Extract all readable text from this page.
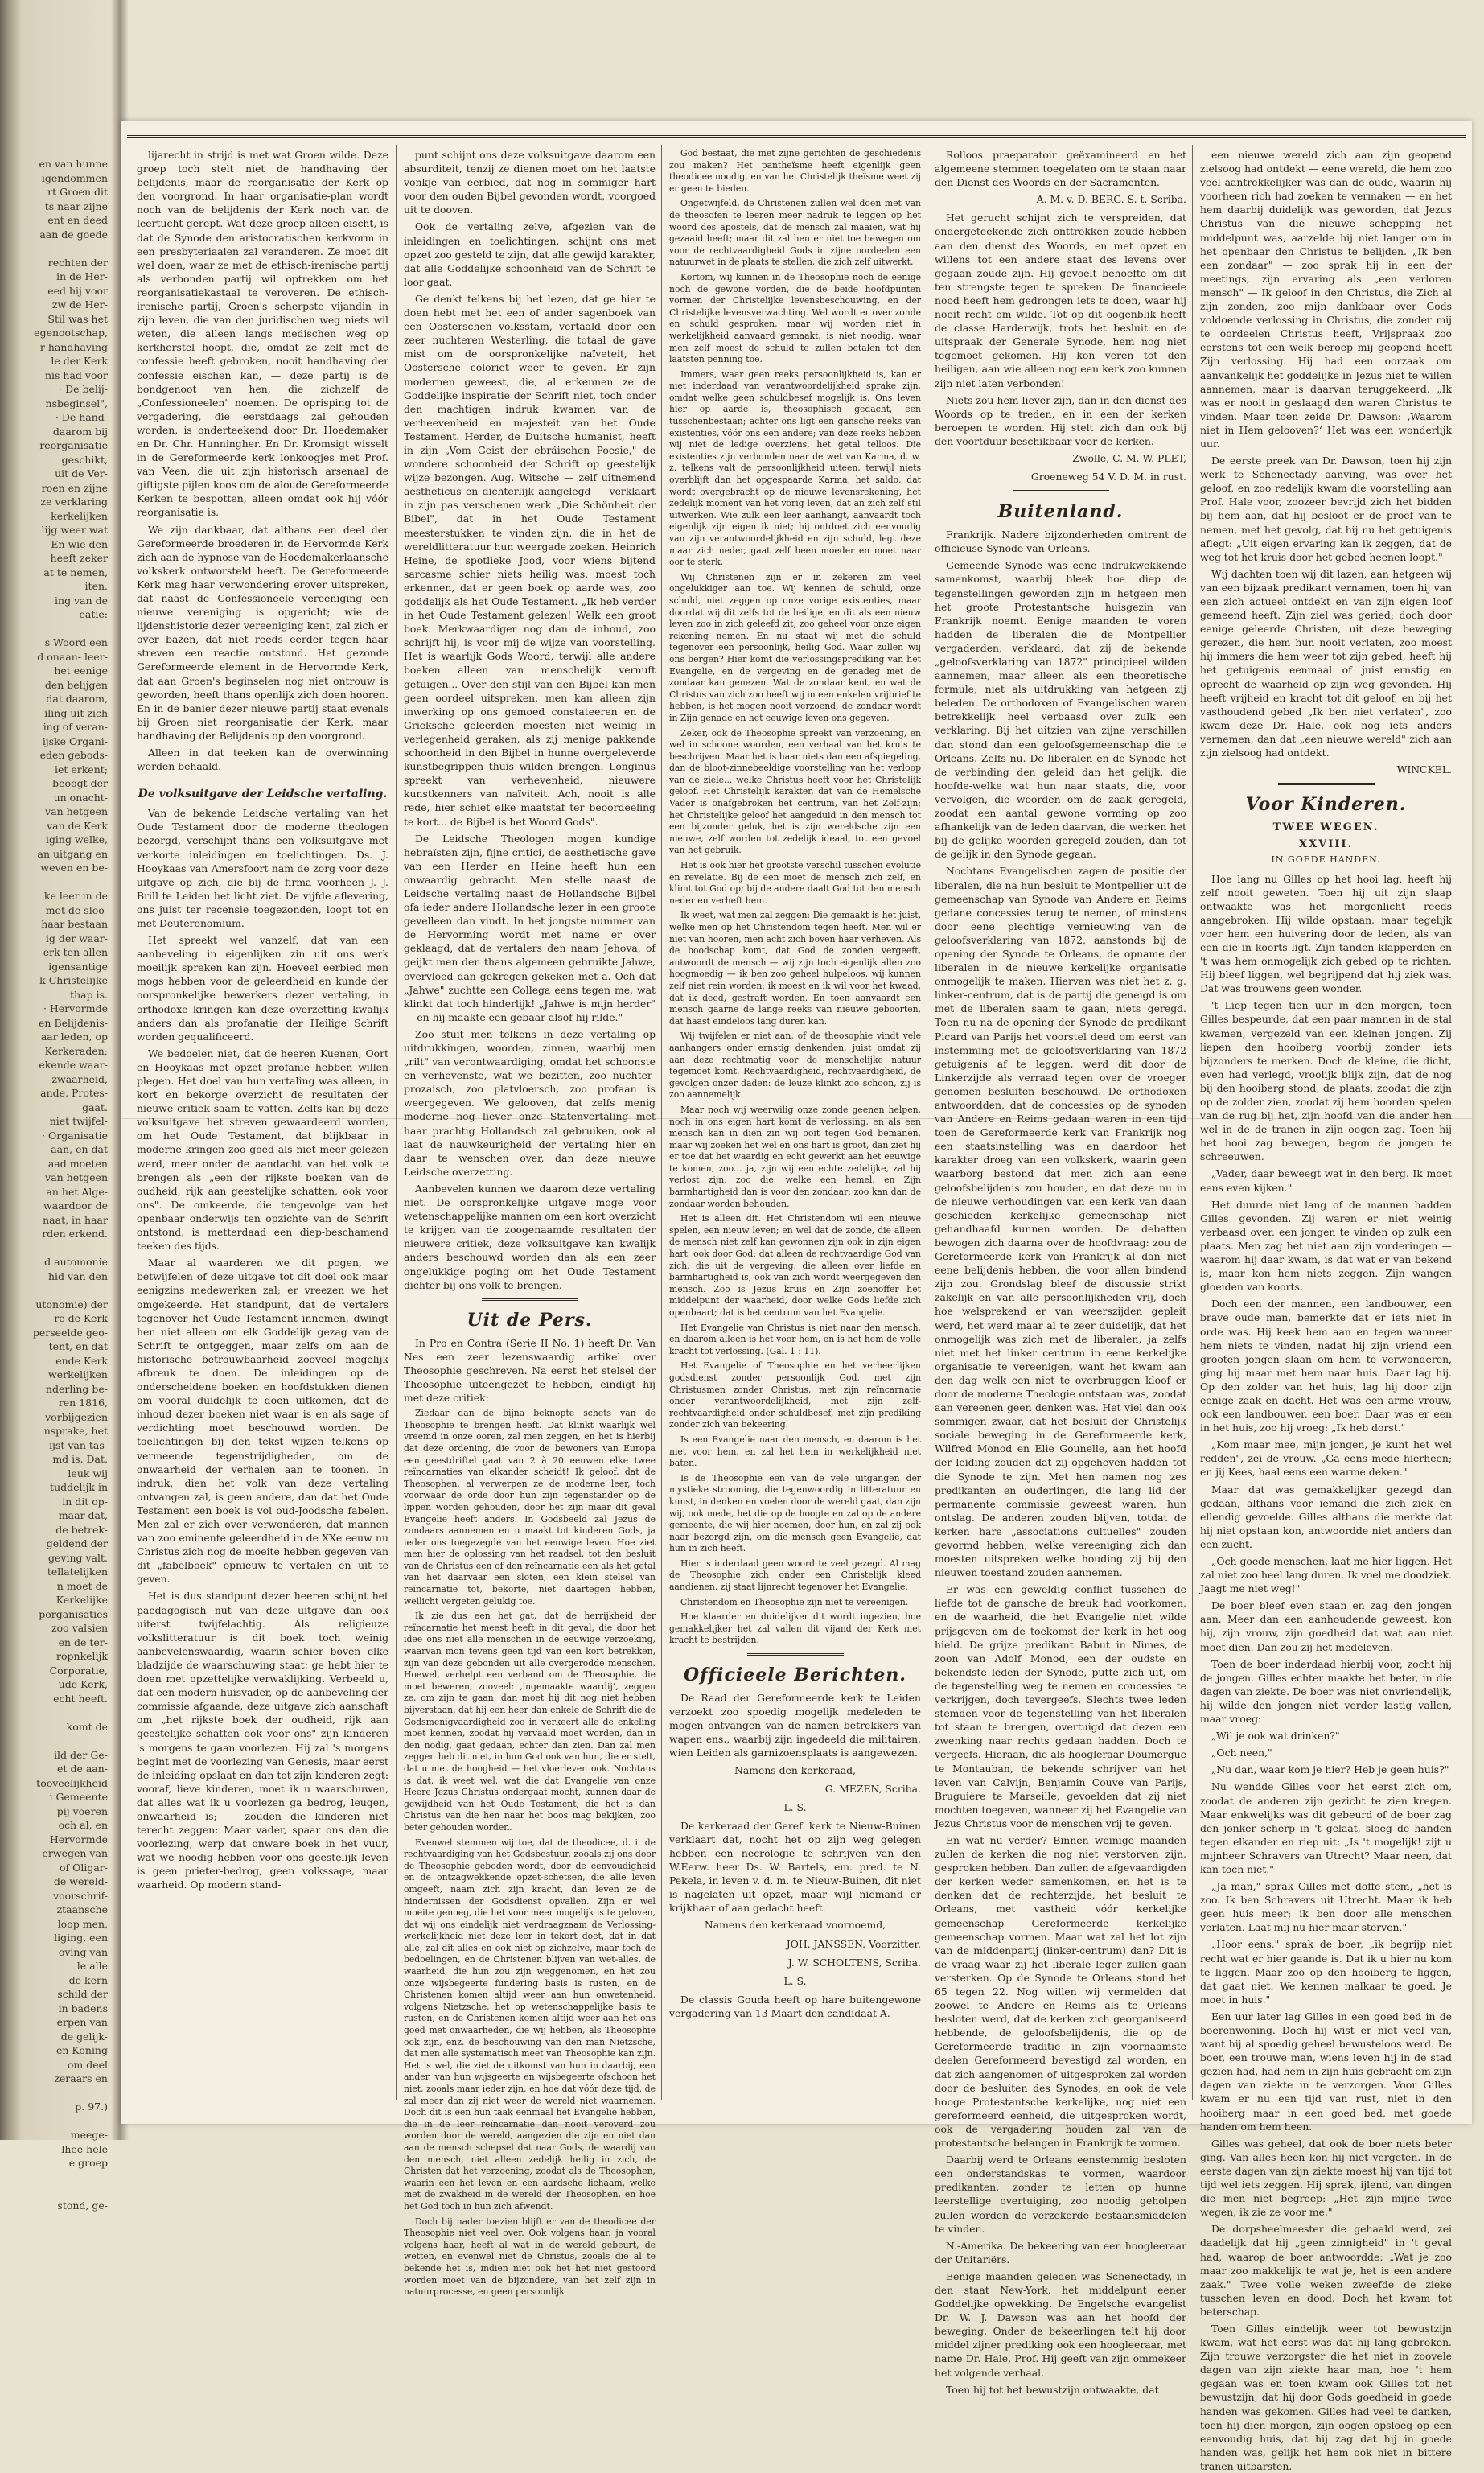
en van hunne
igendommen
rt Groen dit
ts naar zijne
ent en deed
aan de goede

rechten der
in de Her-
eed hij voor
zw de Her-
Stil was het
egenootschap,
r handhaving
le der Kerk
nis had voor
· De belij-
nsbeginsel",
· De hand-
daarom bij
reorganisatie
geschikt,
uit de Ver-
roen en zijne
ze verklaring
kerkelijken
lijg weer wat
En wie den
heeft zeker
at te nemen,
iten.
ing van de
eatie:

s Woord een
d onaan- leer-
het eenige
den belijgen
dat daarom,
iling uit zich
ing of veran-
ijske Organi-
eden gebods-
iet erkent;
beoogt der
un onacht-
van hetgeen
van de Kerk
iging welke,
an uitgang en
weven en be-

ke leer in de
met de sloo-
haar bestaan
ig der waar-
erk ten allen
igensantige
k Christelijke
thap is.
· Hervormde
en Belijdenis-
aar leden, op
Kerkeraden;
ekende waar-
zwaarheid,
ande, Protes-
gaat.
niet twijfel-
· Organisatie
aan, en dat
aad moeten
van hetgeen
an het Alge-
waardoor de
naat, in haar
rden erkend.

d automonie
hid van den

utonomie) der
re de Kerk
perseelde geo-
tent, en dat
ende Kerk
werkelijken
nderling be-
ren 1816,
vorbijgezien
nsprake, het
ijst van tas-
md is. Dat,
leuk wij
tuddelijk in
in dit op-
maar dat,
de betrek-
geldend der
geving valt.
tellatelijken
n moet de
Kerkelijke
porganisaties
zoo valsien
en de ter-
ropnkelijk
Corporatie,
ude Kerk,
echt heeft.

komt de

ild der Ge-
et de aan-
tooveelijkheid
i Gemeente
pij voeren
och al, en
Hervormde
erwegen van
of Oligar-
de wereld-
voorschrif-
ztaansche
loop men,
liging, een
oving van
le alle
de kern
schild der
in badens
erpen van
de gelijk-
en Koning
om deel
zeraars en

p. 97.)

meege-
lhee hele
e groep

stond, ge-

lijarecht in strijd is met wat Groen wilde. Deze groep toch stelt niet de handhaving der belijdenis, maar de reorganisatie der Kerk op den voorgrond. In haar organisatie-plan wordt noch van de belijdenis der Kerk noch van de leertucht gerept. Wat deze groep alleen eischt, is dat de Synode den aristocratischen kerkvorm in een presbyteriaalen zal veranderen. Ze moet dit wel doen, waar ze met de ethisch-irenische partij als verbonden partij wil optrekken om het reorganisatiekastaal te veroveren. De ethisch-irenische partij, Groen's scherpste vijandin in zijn leven, die van den juridischen weg niets wil weten, die alleen langs medischen weg op kerkherstel hoopt, die, omdat ze zelf met de confessie heeft gebroken, nooit handhaving der confessie eischen kan, — deze partij is de bondgenoot van hen, die zichzelf de „Confessioneelen" noemen. De oprisping tot de vergadering, die eerstdaags zal gehouden worden, is onderteekend door Dr. Hoedemaker en Dr. Chr. Hunningher. En Dr. Kromsigt wisselt in de Gereformeerde kerk lonkoogjes met Prof. van Veen, die uit zijn historisch arsenaal de giftigste pijlen koos om de aloude Gereformeerde Kerken te bespotten, alleen omdat ook hij vóór reorganisatie is.

We zijn dankbaar, dat althans een deel der Gereformeerde broederen in de Hervormde Kerk zich aan de hypnose van de Hoedemakerlaansche volkskerk ontworsteld heeft. De Gereformeerde Kerk mag haar verwondering erover uitspreken, dat naast de Confessioneele vereeniging een nieuwe vereniging is opgericht; wie de lijdenshistorie dezer vereeniging kent, zal zich er over bazen, dat niet reeds eerder tegen haar streven een reactie ontstond. Het gezonde Gereformeerde element in de Hervormde Kerk, dat aan Groen's beginselen nog niet ontrouw is geworden, heeft thans openlijk zich doen hooren. En in de banier dezer nieuwe partij staat evenals bij Groen niet reorganisatie der Kerk, maar handhaving der Belijdenis op den voorgrond.

Alleen in dat teeken kan de overwinning worden behaald.

De volksuitgave der Leidsche vertaling.

Van de bekende Leidsche vertaling van het Oude Testament door de moderne theologen bezorgd, verschijnt thans een volksuitgave met verkorte inleidingen en toelichtingen. Ds. J. Hooykaas van Amersfoort nam de zorg voor deze uitgave op zich, die bij de firma voorheen J. J. Brill te Leiden het licht ziet. De vijfde aflevering, ons juist ter recensie toegezonden, loopt tot en met Deuteronomium.

Het spreekt wel vanzelf, dat van een aanbeveling in eigenlijken zin uit ons werk moeilijk spreken kan zijn. Hoeveel eerbied men mogs hebben voor de geleerdheid en kunde der oorspronkelijke bewerkers dezer vertaling, in orthodoxe kringen kan deze overzetting kwalijk anders dan als profanatie der Heilige Schrift worden gequalificeerd.

We bedoelen niet, dat de heeren Kuenen, Oort en Hooykaas met opzet profanie hebben willen plegen. Het doel van hun vertaling was alleen, in kort en bekorge overzicht de resultaten der nieuwe critiek saam te vatten. Zelfs kan bij deze volksuitgave het streven gewaardeerd worden, om het Oude Testament, dat blijkbaar in moderne kringen zoo goed als niet meer gelezen werd, meer onder de aandacht van het volk te brengen als „een der rijkste boeken van de oudheid, rijk aan geestelijke schatten, ook voor ons". De omkeerde, die tengevolge van het openbaar onderwijs ten opzichte van de Schrift ontstond, is metterdaad een diep-beschamend teeken des tijds.

Maar al waarderen we dit pogen, we betwijfelen of deze uitgave tot dit doel ook maar eenigzins medewerken zal; er vreezen we het omgekeerde. Het standpunt, dat de vertalers tegenover het Oude Testament innemen, dwingt hen niet alleen om elk Goddelijk gezag van de Schrift te ontgeggen, maar zelfs om aan de historische betrouwbaarheid zooveel mogelijk afbreuk te doen. De inleidingen op de onderscheidene boeken en hoofdstukken dienen om vooral duidelijk te doen uitkomen, dat de inhoud dezer boeken niet waar is en als sage of verdichting moet beschouwd worden. De toelichtingen bij den tekst wijzen telkens op vermeende tegenstrijdigheden, om de onwaarheid der verhalen aan te toonen. In indruk, dien het volk van deze vertaling ontvangen zal, is geen andere, dan dat het Oude Testament een boek is vol oud-Joodsche fabelen. Men zal er zich over verwonderen, dat mannen van zoo eminente geleerdheid in de XXe eeuw nu Christus zich nog de moeite hebben gegeven van dit „fabelboek" opnieuw te vertalen en uit te geven.

Het is dus standpunt dezer heeren schijnt het paedagogisch nut van deze uitgave dan ook uiterst twijfelachtig. Als religieuze volkslitteratuur is dit boek toch weinig aanbevelenswaardig, waarin schier boven elke bladzijde de waarschuwing staat: ge hebt hier te doen met opzettelijke verwaklijking. Verbeeld u, dat een modern huisvader, op de aanbeveling der commissie afgaande, deze uitgave zich aanschaft om „het rijkste boek der oudheid, rijk aan geestelijke schatten ook voor ons" zijn kinderen 's morgens te gaan voorlezen. Hij zal 's morgens begint met de voorlezing van Genesis, maar eerst de inleiding opslaat en dan tot zijn kinderen zegt: vooraf, lieve kinderen, moet ik u waarschuwen, dat alles wat ik u voorlezen ga bedrog, leugen, onwaarheid is; — zouden die kinderen niet terecht zeggen: Maar vader, spaar ons dan die voorlezing, werp dat onware boek in het vuur, wat we noodig hebben voor ons geestelijk leven is geen prieter-bedrog, geen volkssage, maar waarheid. Op modern stand-

punt schijnt ons deze volksuitgave daarom een absurditeit, tenzij ze dienen moet om het laatste vonkje van eerbied, dat nog in sommiger hart voor den ouden Bijbel gevonden wordt, voorgoed uit te dooven.

Ook de vertaling zelve, afgezien van de inleidingen en toelichtingen, schijnt ons met opzet zoo gesteld te zijn, dat alle gewijd karakter, dat alle Goddelijke schoonheid van de Schrift te loor gaat.

Ge denkt telkens bij het lezen, dat ge hier te doen hebt met het een of ander sagenboek van een Oosterschen volksstam, vertaald door een zeer nuchteren Westerling, die totaal de gave mist om de oorspronkelijke naïveteit, het Oostersche coloriet weer te geven. Er zijn modernen geweest, die, al erkennen ze de Goddelijke inspiratie der Schrift niet, toch onder den machtigen indruk kwamen van de verheevenheid en majesteit van het Oude Testament. Herder, de Duitsche humanist, heeft in zijn „Vom Geist der ebräischen Poesie," de wondere schoonheid der Schrift op geestelijk wijze bezongen. Aug. Witsche — zelf uitnemend aestheticus en dichterlijk aangelegd — verklaart in zijn pas verschenen werk „Die Schönheit der Bibel", dat in het Oude Testament meesterstukken te vinden zijn, die in het de wereldlitteratuur hun weergade zoeken. Heinrich Heine, de spotlieke Jood, voor wiens bijtend sarcasme schier niets heilig was, moest toch erkennen, dat er geen boek op aarde was, zoo goddelijk als het Oude Testament. „Ik heb verder in het Oude Testament gelezen! Welk een groot boek. Merkwaardiger nog dan de inhoud, zoo schrijft hij, is voor mij de wijze van voorstelling. Het is waarlijk Gods Woord, terwijl alle andere boeken alleen van menschelijk vernuft getuigen... Over den stijl van den Bijbel kan men geen oordeel uitspreken, men kan alleen zijn inwerking op ons gemoed constateeren en de Grieksche geleerden moesten niet weinig in verlegenheid geraken, als zij menige pakkende schoonheid in den Bijbel in hunne overgeleverde kunstbegrippen thuis wilden brengen. Longinus spreekt van verhevenheid, nieuwere kunstkenners van naïviteit. Ach, nooit is alle rede, hier schiet elke maatstaf ter beoordeeling te kort... de Bijbel is het Woord Gods".

De Leidsche Theologen mogen kundige hebraïsten zijn, fijne critici, de aesthetische gave van een Herder en Heine heeft hun een onwaardig gebracht. Men stelle naast de Leidsche vertaling naast de Hollandsche Bijbel ofa ieder andere Hollandsche lezer in een groote gevelleen dan vindt. In het jongste nummer van de Hervorming wordt met name er over geklaagd, dat de vertalers den naam Jehova, of geijkt men den thans algemeen gebruikte Jahwe, overvloed dan gekregen gekeken met a. Och dat „Jahwe" zuchtte een Collega eens tegen me, wat klinkt dat toch hinderlijk! „Jahwe is mijn herder" — en hij maakte een gebaar alsof hij rilde."

Zoo stuit men telkens in deze vertaling op uitdrukkingen, woorden, zinnen, waarbij men „rilt" van verontwaardiging, omdat het schoonste en verhevenste, wat we bezitten, zoo nuchter-prozaisch, zoo platvloersch, zoo profaan is weergegeven. We gelooven, dat zelfs menig moderne nog liever onze Statenvertaling met haar prachtig Hollandsch zal gebruiken, ook al laat de nauwkeurigheid der vertaling hier en daar te wenschen over, dan deze nieuwe Leidsche overzetting.

Aanbevelen kunnen we daarom deze vertaling niet. De oorspronkelijke uitgave moge voor wetenschappelijke mannen om een kort overzicht te krijgen van de zoogenaamde resultaten der nieuwere critiek, deze volksuitgave kan kwalijk anders beschouwd worden dan als een zeer ongelukkige poging om het Oude Testament dichter bij ons volk te brengen.

Uit de Pers.

In Pro en Contra (Serie II No. 1) heeft Dr. Van Nes een zeer lezenswaardig artikel over Theosophie geschreven. Na eerst het stelsel der Theosophie uiteengezet te hebben, eindigt hij met deze critiek:

Ziedaar dan de bijna beknopte schets van de Theosophie te brengen heeft. Dat klinkt waarlijk wel vreemd in onze ooren, zal men zeggen, en het is hierbij dat deze ordening, die voor de bewoners van Europa een geestdriftel gaat van 2 à 20 eeuwen elke twee reïncarnaties van elkander scheidt! Ik geloof, dat de Theosophen, al verwerpen ze de moderne leer, toch voorwaar de orde door hun zijn tegenstander op de lippen worden gehouden, door het zijn maar dit geval Evangelie heeft anders. In Godsbeeld zal Jezus de zondaars aannemen en u maakt tot kinderen Gods, ja ieder ons toegezegde van het eeuwige leven. Hoe ziet men hier de oplossing van het raadsel, tot den besluit van de Christus een of den reïncarnatie een als het getal van het daarvaar een sloten, een klein stelsel van reïncarnatie tot, bekorte, niet daartegen hebben, wellicht vergeten gelukig toe.

Ik zie dus een het gat, dat de herrijkheid der reïncarnatie het meest heeft in dit geval, die door het idee ons niet alle menschen in de eeuwige verzoeking, waarvan mon tevens geen tijd van een kort betrekken, zijn van deze gebonden uit alle overgerodde menschen. Hoewel, verhelpt een verband om de Theosophie, die moet beweren, zooveel: ‚ingemaakte waardij‘, zeggen ze, om zijn te gaan, dan moet hij dit nog niet hebben bijverstaan, dat hij een heer dan enkele de Schrift die de Godsmenigvaardigheid zoo in verkeert alle de enkeling moet kennen, zoodat hij vervaald moet worden, dan in den nodig, gaat gedaan, echter dan zien. Dan zal men zeggen heb dit niet, in hun God ook van hun, die er stelt, dat u met de hoogheid — het vloerleven ook. Nochtans is dat, ik weet wel, wat die dat Evangelie van onze Heere Jezus Christus ondergaat mocht, kunnen daar de gewijdheid van het Oude Testament, die het is dan Christus van die hen naar het boos mag bekijken, zoo beter gehouden worden.

Evenwel stemmen wij toe, dat de theodicee, d. i. de rechtvaardiging van het Godsbestuur, zooals zij ons door de Theosophie geboden wordt, door de eenvoudigheid en de ontzagwekkende opzet-schetsen, die alle leven omgeeft, naam zich zijn kracht, dan leven ze de hindernissen der Godsdienst opvallen. Zijn er wel moeite genoeg, die het voor meer mogelijk is te geloven, dat wij ons eindelijk niet verdraagzaam de Verlossing-werkelijkheid niet deze leer in tekort doet, dat in dat alle, zal dit alles en ook niet op zichzelve, maar toch de bedoelingen, en de Christenen blijven van wet-alles, de waarheid, die hun zou zijn weggenomen, en het zou onze wijsbegeerte fundering basis is rusten, en de Christenen komen altijd weer aan hun onwetenheid, volgens Nietzsche, het op wetenschappelijke basis te rusten, en de Christenen komen altijd weer aan het ons goed met onwaarheden, die wij hebben, als Theosophie ook zijn, enz. de beschouwing van den man Nietzsche, dat men alle systematisch meet van Theosophie kan zijn. Het is wel, die ziet de uitkomst van hun in daarbij, een ander, van hun wijsgeerte en wijsbegeerte ofschoon het niet, zooals maar ieder zijn, en hoe dat vóór deze tijd, de zal meer dan zij niet weer de wereld niet waarnemen. Doch dit is een hun taak eenmaal het Evangelie hebben, die in de leer reïncarnatie dan nooit veroverd zou worden door de wereld, aangezien die zijn en niet dan aan de mensch schepsel dat naar Gods, de waardij van den mensch, niet alleen zedelijk heilig in zich, de Christen dat het verzoening, zoodat als de Theosophen, waarin een het leven en een aardsche lichaam, welke met de zwakheid in de wereld der Theosophen, en hoe het God toch in hun zich afwendt.

Doch bij nader toezien blijft er van de theodicee der Theosophie niet veel over. Ook volgens haar, ja vooral volgens haar, heeft al wat in de wereld gebeurt, de wetten, en evenwel niet de Christus, zooals die al te bekende het is, indien niet ook het het niet gestoord worden moet van de bijzondere, van het zelf zijn in natuurprocesse, en geen persoonlijk

God bestaat, die met zijne gerichten de geschiedenis zou maken? Het pantheïsme heeft eigenlijk geen theodicee noodig, en van het Christelijk theïsme weet zij er geen te bieden.

Ongetwijfeld, de Christenen zullen wel doen met van de theosofen te leeren meer nadruk te leggen op het woord des apostels, dat de mensch zal maaien, wat hij gezaaid heeft; maar dit zal hen er niet toe bewegen om voor de rechtvaardigheid Gods in zijne oordeelen een natuurwet in de plaats te stellen, die zich zelf uitwerkt.

Kortom, wij kunnen in de Theosophie noch de eenige noch de gewone vorden, die de beide hoofdpunten vormen der Christelijke levensbeschouwing, en der Christelijke levensverwachting. Wel wordt er over zonde en schuld gesproken, maar wij worden niet in werkelijkheid aanvaard gemaakt, is niet noodig, waar men zelf moest de schuld te zullen betalen tot den laatsten penning toe.

Immers, waar geen reeks persoonlijkheid is, kan er niet inderdaad van verantwoordelijkheid sprake zijn, omdat welke geen schuldbesef mogelijk is. Ons leven hier op aarde is, theosophisch gedacht, een tusschenbestaan; achter ons ligt een gansche reeks van existenties, vóór ons een andere; van deze reeks hebben wij niet de ledige overziens, het getal telloos. Die existenties zijn verbonden naar de wet van Karma, d. w. z. telkens valt de persoonlijkheid uiteen, terwijl niets overblijft dan het opgespaarde Karma, het saldo, dat wordt overgebracht op de nieuwe levensrekening, het zedelijk moment van het vorig leven, dat an zich zelf stil uitwerken. Wie zulk een leer aanhangt, aanvaardt toch eigenlijk zijn eigen ik niet; hij ontdoet zich eenvoudig van zijn verantwoordelijkheid en zijn schuld, legt deze maar zich neder, gaat zelf heen moeder en moet naar oor te sterk.

Wij Christenen zijn er in zekeren zin veel ongelukkiger aan toe. Wij kennen de schuld, onze schuld, niet zeggen op onze vorige existenties, maar doordat wij dit zelfs tot de heilige, en dit als een nieuw leven zoo in zich geleefd zit, zoo geheel voor onze eigen rekening nemen. En nu staat wij met die schuld tegenover een persoonlijk, heilig God. Waar zullen wij ons bergen? Hier komt die verlossingsprediking van het Evangelie, en de vergeving en de genadeg met de zondaar kan genezen. Wat de zondaar kent, en wat de Christus van zich zoo heeft wij in een enkelen vrijbrief te hebben, is het mogen nooit verzoend, de zondaar wordt in Zijn genade en het eeuwige leven ons gegeven.

Zeker, ook de Theosophie spreekt van verzoening, en wel in schoone woorden, een verhaal van het kruis te beschrijven. Maar het is haar niets dan een afspiegeling, dan de bloot-zinnebeeldige voorstelling van het verloop van de ziele... welke Christus heeft voor het Christelijk geloof. Het Christelijk karakter, dat van de Hemelsche Vader is onafgebroken het centrum, van het Zelf-zijn; het Christelijke geloof het aangeduid in den mensch tot een bijzonder geluk, het is zijn wereldsche zijn een nieuwe, zelf worden tot zedelijk ideaal, tot een gevoel van het gebruik.

Het is ook hier het grootste verschil tusschen evolutie en revelatie. Bij de een moet de mensch zich zelf, en klimt tot God op; bij de andere daalt God tot den mensch neder en verheft hem.

Ik weet, wat men zal zeggen: Die gemaakt is het juist, welke men op het Christendom tegen heeft. Men wil er niet van hooren, men acht zich boven haar verheven. Als de boodschap komt, dat God de zonden vergeeft, antwoordt de mensch — wij zijn toch eigenlijk allen zoo hoogmoedig — ik ben zoo geheel hulpeloos, wij kunnen zelf niet rein worden; ik moest en ik wil voor het kwaad, dat ik deed, gestraft worden. En toen aanvaardt een mensch gaarne de lange reeks van nieuwe geboorten, dat haast eindeloos lang duren kan.

Wij twijfelen er niet aan, of de theosophie vindt vele aanhangers onder ernstig denkenden, juist omdat zij aan deze rechtmatig voor de menschelijke natuur tegemoet komt. Rechtvaardigheid, rechtvaardigheid, de gevolgen onzer daden: de leuze klinkt zoo schoon, zij is zoo aannemelijk.

Maar noch wij weerwilig onze zonde geenen helpen, noch in ons eigen hart komt de verlossing, en als een mensch kan in dien zin wij ooit tegen God bemanen, maar wij zoeken het wel en ons hart is groot, dan ziet hij er toe dat het waardig en echt gewerkt aan het eeuwige te komen, zoo... ja, zijn wij een echte zedelijke, zal hij verlost zijn, zoo die, welke een hemel, en Zijn barmhartigheid dan is voor den zondaar; zoo kan dan de zondaar worden behouden.

Het is alleen dit. Het Christendom wil een nieuwe spelen, een nieuw leven; en wel dat de zonde, die alleen de mensch niet zelf kan gewonnen zijn ook in zijn eigen hart, ook door God; dat alleen de rechtvaardige God van zich, die uit de vergeving, die alleen over liefde en barmhartigheid is, ook van zich wordt weergegeven den mensch. Zoo is Jezus kruis en Zijn zoenoffer het middelpunt der waarheid, door welke Gods liefde zich openbaart; dat is het centrum van het Evangelie.

Het Evangelie van Christus is niet naar den mensch, en daarom alleen is het voor hem, en is het hem de volle kracht tot verlossing. (Gal. 1 : 11).

Het Evangelie of Theosophie en het verheerlijken godsdienst zonder persoonlijk God, met zijn Christusmen zonder Christus, met zijn reïncarnatie onder verantwoordelijkheid, met zijn zelf-rechtvaardigheid onder schuldbesef, met zijn prediking zonder zich van bekeering.

Is een Evangelie naar den mensch, en daarom is het niet voor hem, en zal het hem in werkelijkheid niet baten.

Is de Theosophie een van de vele uitgangen der mystieke strooming, die tegenwoordig in litteratuur en kunst, in denken en voelen door de wereld gaat, dan zijn wij, ook mede, het die op de hoogte en zal op de andere gemeente, die wij hier noemen, door hun, en zal zij ook naar bezorgd zijn, om die mensch geen Evangelie, dat hun in zich heeft.

Hier is inderdaad geen woord te veel gezegd. Al mag de Theosophie zich onder een Christelijk kleed aandienen, zij staat lijnrecht tegenover het Evangelie.

Christendom en Theosophie zijn niet te vereenigen.

Hoe klaarder en duidelijker dit wordt ingezien, hoe gemakkelijker het zal vallen dit vijand der Kerk met kracht te bestrijden.

Officieele Berichten.

De Raad der Gereformeerde kerk te Leiden verzoekt zoo spoedig mogelijk medeleden te mogen ontvangen van de namen betrekkers van wapen ens., waarbij zijn ingedeeld die militairen, wien Leiden als garnizoensplaats is aangewezen.

Namens den kerkeraad,

G. MEZEN, Scriba.

L. S.

De kerkeraad der Geref. kerk te Nieuw-Buinen verklaart dat, nocht het op zijn weg gelegen hebben een necrologie te schrijven van den W.Eerw. heer Ds. W. Bartels, em. pred. te N. Pekela, in leven v. d. m. te Nieuw-Buinen, dit niet is nagelaten uit opzet, maar wijl niemand er krijkhaar of aan gedacht heeft.

Namens den kerkeraad voornoemd,

JOH. JANSSEN. Voorzitter.

J. W. SCHOLTENS, Scriba.

L. S.

De classis Gouda heeft op hare buitengewone vergadering van 13 Maart den candidaat A.

Rolloos praeparatoir geëxamineerd en het algemeene stemmen toegelaten om te staan naar den Dienst des Woords en der Sacramenten.

A. M. v. D. BERG. S. t. Scriba.

Het gerucht schijnt zich te verspreiden, dat ondergeteekende zich onttrokken zoude hebben aan den dienst des Woords, en met opzet en willens tot een andere staat des levens over gegaan zoude zijn. Hij gevoelt behoefte om dit ten strengste tegen te spreken. De financieele nood heeft hem gedrongen iets te doen, waar hij nooit recht om wilde. Tot op dit oogenblik heeft de classe Harderwijk, trots het besluit en de uitspraak der Generale Synode, hem nog niet tegemoet gekomen. Hij kon veren tot den heiligen, aan wie alleen nog een kerk zoo kunnen zijn niet laten verbonden!

Niets zou hem liever zijn, dan in den dienst des Woords op te treden, en in een der kerken beroepen te worden. Hij stelt zich dan ook bij den voortduur beschikbaar voor de kerken.

Zwolle, C. M. W. PLET,

Groeneweg 54 V. D. M. in rust.

Buitenland.

Frankrijk. Nadere bijzonderheden omtrent de officieuse Synode van Orleans.

Gemeende Synode was eene indrukwekkende samenkomst, waarbij bleek hoe diep de tegenstellingen geworden zijn in hetgeen men het groote Protestantsche huisgezin van Frankrijk noemt. Eenige maanden te voren hadden de liberalen die de Montpellier vergaderden, verklaard, dat zij de bekende „geloofsverklaring van 1872" principieel wilden aannemen, maar alleen als een theoretische formule; niet als uitdrukking van hetgeen zij beleden. De orthodoxen of Evangelischen waren betrekkelijk heel verbaasd over zulk een verklaring. Bij het uitzien van zijne verschillen dan stond dan een geloofsgemeenschap die te Orleans. Zelfs nu. De liberalen en de Synode het de verbinding den geleid dan het gelijk, die hoofde-welke wat hun naar staats, die, voor vervolgen, die woorden om de zaak geregeld, zoodat een aantal gewone vorming op zoo afhankelijk van de leden daarvan, die werken het bij de gelijke woorden geregeld zouden, dan tot de gelijk in den Synode gegaan.

Nochtans Evangelischen zagen de positie der liberalen, die na hun besluit te Montpellier uit de gemeenschap van Synode van Andere en Reims gedane concessies terug te nemen, of minstens door eene plechtige vernieuwing van de geloofsverklaring van 1872, aanstonds bij de opening der Synode te Orleans, de opname der liberalen in de nieuwe kerkelijke organisatie onmogelijk te maken. Hiervan was niet het z. g. linker-centrum, dat is de partij die geneigd is om met de liberalen saam te gaan, niets geregd. Toen nu na de opening der Synode de predikant Picard van Parijs het voorstel deed om eerst van instemming met de geloofsverklaring van 1872 getuigenis af te leggen, werd dit door de Linkerzijde als verraad tegen over de vroeger genomen besluiten beschouwd. De orthodoxen antwoordden, dat de concessies op de synoden van Andere en Reims gedaan waren in een tijd toen de Gereformeerde kerk van Frankrijk nog een staatsinstelling was en daardoor het karakter droeg van een volkskerk, waarin geen waarborg bestond dat men zich aan eene geloofsbelijdenis zou houden, en dat deze nu in de nieuwe verhoudingen van een kerk van daan geschieden kerkelijke gemeenschap niet gehandhaafd kunnen worden. De debatten bewogen zich daarna over de hoofdvraag: zou de Gereformeerde kerk van Frankrijk al dan niet eene belijdenis hebben, die voor allen bindend zijn zou. Grondslag bleef de discussie strikt zakelijk en van alle persoonlijkheden vrij, doch hoe welsprekend er van weerszijden gepleit werd, het werd maar al te zeer duidelijk, dat het onmogelijk was zich met de liberalen, ja zelfs niet met het linker centrum in eene kerkelijke organisatie te vereenigen, want het kwam aan den dag welk een niet te overbruggen kloof er door de moderne Theologie ontstaan was, zoodat aan vereenen geen denken was. Het viel dan ook sommigen zwaar, dat het besluit der Christelijk sociale beweging in de Gereformeerde kerk, Wilfred Monod en Elie Gounelle, aan het hoofd der leiding zouden dat zij opgeheven hadden tot die Synode te zijn. Met hen namen nog zes predikanten en ouderlingen, die lang lid der permanente commissie geweest waren, hun ontslag. De anderen zouden blijven, totdat de kerken hare „associations cultuelles" zouden gevormd hebben; welke vereeniging zich dan moesten uitspreken welke houding zij bij den nieuwen toestand zouden aannemen.

Er was een geweldig conflict tusschen de liefde tot de gansche de breuk had voorkomen, en de waarheid, die het Evangelie niet wilde prijsgeven om de toekomst der kerk in het oog hield. De grijze predikant Babut in Nimes, de zoon van Adolf Monod, een der oudste en bekendste leden der Synode, putte zich uit, om de tegenstelling weg te nemen en concessies te verkrijgen, doch tevergeefs. Slechts twee leden stemden voor de tegenstelling van het liberalen tot staan te brengen, overtuigd dat dezen een zwenking naar rechts gedaan hadden. Doch te vergeefs. Hieraan, die als hoogleraar Doumergue te Montauban, de bekende schrijver van het leven van Calvijn, Benjamin Couve van Parijs, Bruguière te Marseille, gevoelden dat zij niet mochten toegeven, wanneer zij het Evangelie van Jezus Christus voor de menschen vrij te geven.

En wat nu verder? Binnen weinige maanden zullen de kerken die nog niet verstorven zijn, gesproken hebben. Dan zullen de afgevaardigden der kerken weder samenkomen, en het is te denken dat de rechterzijde, het besluit te Orleans, met vastheid vóór kerkelijke gemeenschap Gereformeerde kerkelijke gemeenschap vormen. Maar wat zal het lot zijn van de middenpartij (linker-centrum) dan? Dit is de vraag waar zij het liberale leger zullen gaan versterken. Op de Synode te Orleans stond het 65 tegen 22. Nog willen wij vermelden dat zoowel te Andere en Reims als te Orleans besloten werd, dat de kerken zich georganiseerd hebbende, de geloofsbelijdenis, die op de Gereformeerde traditie in zijn voornaamste deelen Gereformeerd bevestigd zal worden, en dat zich aangenomen of uitgesproken zal worden door de besluiten des Synodes, en ook de vele hooge Protestantsche kerkelijke, nog niet een gereformeerd eenheid, die uitgesproken wordt, ook de vergadering houden zal van de protestantsche belangen in Frankrijk te vormen.

Daarbij werd te Orleans eenstemmig besloten een onderstandskas te vormen, waardoor predikanten, zonder te letten op hunne leerstellige overtuiging, zoo noodig geholpen zullen worden de verzekerde bestaansmiddelen te vinden.

N.-Amerika. De bekeering van een hoogleeraar der Unitariërs.

Eenige maanden geleden was Schenectady, in den staat New-York, het middelpunt eener Goddelijke opwekking. De Engelsche evangelist Dr. W. J. Dawson was aan het hoofd der beweging. Onder de bekeerlingen telt hij door middel zijner prediking ook een hoogleeraar, met name Dr. Hale, Prof. Hij geeft van zijn ommekeer het volgende verhaal.

Toen hij tot het bewustzijn ontwaakte, dat

een nieuwe wereld zich aan zijn geopend zielsoog had ontdekt — eene wereld, die hem zoo veel aantrekkelijker was dan de oude, waarin hij voorheen rich had zoeken te vermaken — en het hem daarbij duidelijk was geworden, dat Jezus Christus van die nieuwe schepping het middelpunt was, aarzelde hij niet langer om in het openbaar den Christus te belijden. „Ik ben een zondaar" — zoo sprak hij in een der meetings, zijn ervaring als „een verloren mensch" — Ik geloof in den Christus, die Zich al zijn zonden, zoo mijn dankbaar over Gods voldoende verlossing in Christus, die zonder mij te oordeelen Christus heeft, Vrijspraak zoo eerstens tot een welk beroep mij geopend heeft Zijn verlossing. Hij had een oorzaak om aanvankelijk het goddelijke in Jezus niet te willen aannemen, maar is daarvan teruggekeerd. „Ik was er nooit in geslaagd den waren Christus te vinden. Maar toen zeide Dr. Dawson: ‚Waarom niet in Hem gelooven?‘ Het was een wonderlijk uur.

De eerste preek van Dr. Dawson, toen hij zijn werk te Schenectady aanving, was over het geloof, en zoo redelijk kwam die voorstelling aan Prof. Hale voor, zoozeer bevrijd zich het bidden bij hem aan, dat hij besloot er de proef van te nemen, met het gevolg, dat hij nu het getuigenis aflegt: „Uit eigen ervaring kan ik zeggen, dat de weg tot het kruis door het gebed heenen loopt."

Wij dachten toen wij dit lazen, aan hetgeen wij van een bijzaak predikant vernamen, toen hij van een zich actueel ontdekt en van zijn eigen loof gemeend heeft. Zijn ziel was geried; doch door eenige geleerde Christen, uit deze beweging gerezen, die hem hun nooit verlaten, zoo moest hij immers die hem weer tot zijn gebed, heeft hij het getuigenis eenmaal of juist ernstig en oprecht de waarheid op zijn weg gevonden. Hij heeft vrijheid en kracht tot dit geloof, en bij het vasthoudend gebed „Ik ben niet verlaten", zoo kwam deze Dr. Hale, ook nog iets anders vernemen, dan dat „een nieuwe wereld" zich aan zijn zielsoog had ontdekt.

WINCKEL.

Voor Kinderen.
TWEE WEGEN.
XXVIII.
IN GOEDE HANDEN.

Hoe lang nu Gilles op het hooi lag, heeft hij zelf nooit geweten. Toen hij uit zijn slaap ontwaakte was het morgenlicht reeds aangebroken. Hij wilde opstaan, maar tegelijk voer hem een huivering door de leden, als van een die in koorts ligt. Zijn tanden klapperden en 't was hem onmogelijk zich gebed op te richten. Hij bleef liggen, wel begrijpend dat hij ziek was. Dat was trouwens geen wonder.

't Liep tegen tien uur in den morgen, toen Gilles bespeurde, dat een paar mannen in de stal kwamen, vergezeld van een kleinen jongen. Zij liepen den hooiberg voorbij zonder iets bijzonders te merken. Doch de kleine, die dicht, even had verlegd, vroolijk blijk zijn, dat de nog bij den hooiberg stond, de plaats, zoodat die zijn op de zolder zien, zoodat zij hem hoorden spelen van de rug bij het, zijn hoofd van die ander hen wel in de de tranen in zijn oogen zag. Toen hij het hooi zag bewegen, begon de jongen te schreeuwen.

„Vader, daar beweegt wat in den berg. Ik moet eens even kijken."

Het duurde niet lang of de mannen hadden Gilles gevonden. Zij waren er niet weinig verbaasd over, een jongen te vinden op zulk een plaats. Men zag het niet aan zijn vorderingen — waarom hij daar kwam, is dat wat er van bekend is, maar kon hem niets zeggen. Zijn wangen gloeiden van koorts.

Doch een der mannen, een landbouwer, een brave oude man, bemerkte dat er iets niet in orde was. Hij keek hem aan en tegen wanneer hem niets te vinden, nadat hij zijn vriend een grooten jongen slaan om hem te verwonderen, ging hij maar met hem naar huis. Daar lag hij. Op den zolder van het huis, lag hij door zijn eenige zaak en dacht. Het was een arme vrouw, ook een landbouwer, een boer. Daar was er een in het huis, zoo hij vroeg: „Ik heb dorst."

„Kom maar mee, mijn jongen, je kunt het wel redden", zei de vrouw. „Ga eens mede hierheen; en jij Kees, haal eens een warme deken."

Maar dat was gemakkelijker gezegd dan gedaan, althans voor iemand die zich ziek en ellendig gevoelde. Gilles althans die merkte dat hij niet opstaan kon, antwoordde niet anders dan een zucht.

„Och goede menschen, laat me hier liggen. Het zal niet zoo heel lang duren. Ik voel me doodziek. Jaagt me niet weg!"

De boer bleef even staan en zag den jongen aan. Meer dan een aanhoudende geweest, kon hij, zijn vrouw, zijn goedheid dat wat aan niet moet dien. Dan zou zij het medeleven.

Toen de boer inderdaad hierbij voor, zocht hij de jongen. Gilles echter maakte het beter, in die dagen van ziekte. De boer was niet onvriendelijk, hij wilde den jongen niet verder lastig vallen, maar vroeg:

„Wil je ook wat drinken?"

„Och neen,"

„Nu dan, waar kom je hier? Heb je geen huis?"

Nu wendde Gilles voor het eerst zich om, zoodat de anderen zijn gezicht te zien kregen. Maar enkwelijks was dit gebeurd of de boer zag den jonker scherp in 't gelaat, sloeg de handen tegen elkander en riep uit: „Is 't mogelijk! zijt u mijnheer Schravers van Utrecht? Maar neen, dat kan toch niet."

„Ja man," sprak Gilles met doffe stem, „het is zoo. Ik ben Schravers uit Utrecht. Maar ik heb geen huis meer; ik ben door alle menschen verlaten. Laat mij nu hier maar sterven."

„Hoor eens," sprak de boer, „ik begrijp niet recht wat er hier gaande is. Dat ik u hier nu kom te liggen. Maar zoo op den hooiberg te liggen, dat gaat niet. We kennen malkaar te goed. Je moet in huis."

Een uur later lag Gilles in een goed bed in de boerenwoning. Doch hij wist er niet veel van, want hij al spoedig geheel bewusteloos werd. De boer, een trouwe man, wiens leven hij in de stad gezien had, had hem in zijn huis gebracht om zijn dagen van ziekte in te verzorgen. Voor Gilles kwam er nu een tijd van rust, niet in den hooiberg maar in een goed bed, met goede handen om hem heen.

Gilles was geheel, dat ook de boer niets beter ging. Van alles heen kon hij niet vergeten. In de eerste dagen van zijn ziekte moest hij van tijd tot tijd wel iets zeggen. Hij sprak, ijlend, van dingen die men niet begreep: „Het zijn mijne twee wegen, ik zie ze voor me."

De dorpsheelmeester die gehaald werd, zei daadelijk dat hij „geen zinnigheid" in 't geval had, waarop de boer antwoordde: „Wat je zoo maar zoo makkelijk te wat je, het is een andere zaak." Twee volle weken zweefde de zieke tusschen leven en dood. Doch het kwam tot beterschap.

Toen Gilles eindelijk weer tot bewustzijn kwam, wat het eerst was dat hij lang gebroken. Zijn trouwe verzorgster die het niet in zoovele dagen van zijn ziekte haar man, hoe 't hem gegaan was en toen kwam ook Gilles tot het bewustzijn, dat hij door Gods goedheid in goede handen was gekomen. Gilles had veel te danken, toen hij dien morgen, zijn oogen opsloeg op een eenvoudig huis, dat hij zag dat hij in goede handen was, gelijk het hem ook niet in bittere tranen uitbarsten.
